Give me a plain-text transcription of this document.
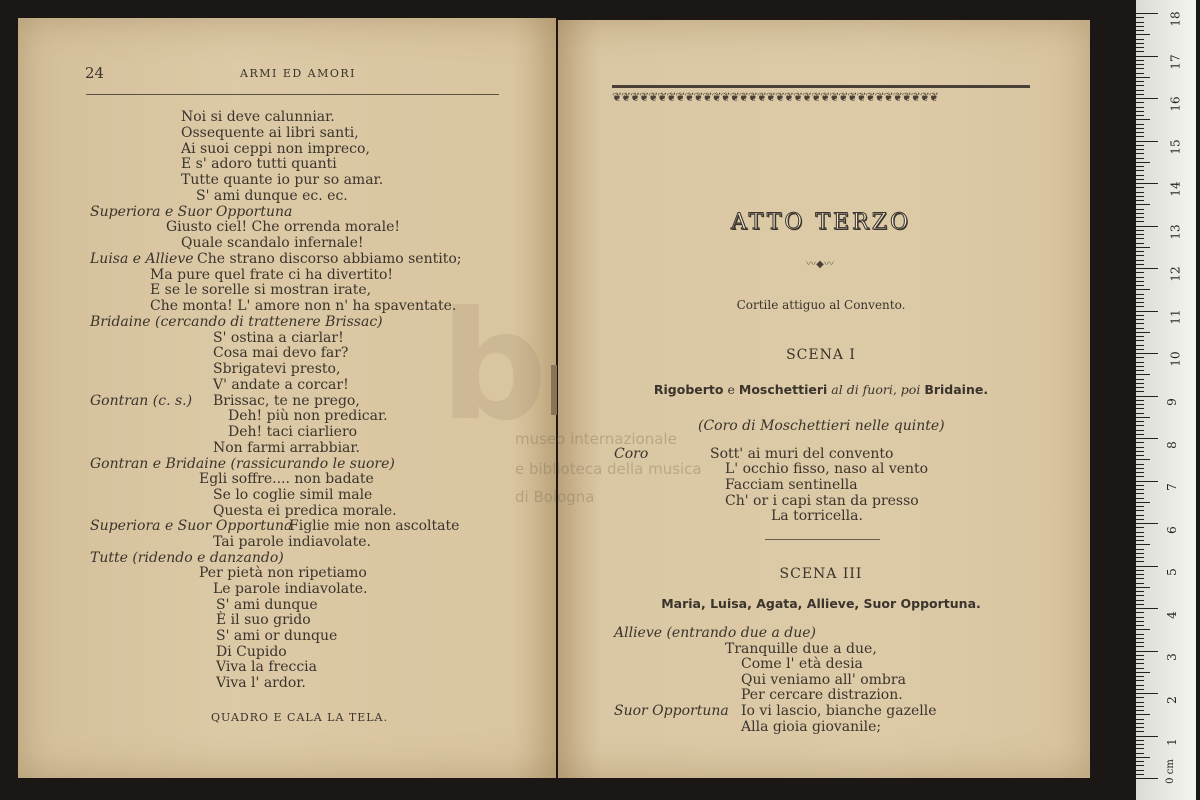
b
museo internazionale
e biblioteca della musica
di Bologna
24	ARMI ED AMORI
Noi si deve calunniar.
Ossequente ai libri santi,
Ai suoi ceppi non impreco,
E s' adoro tutti quanti
Tutte quante io pur so amar.
S' ami dunque ec. ec.
Superiora e Suor Opportuna
Giusto ciel! Che orrenda morale!
Quale scandalo infernale!
Luisa e Allieve Che strano discorso abbiamo sentito;
Ma pure quel frate ci ha divertito!
E se le sorelle si mostran irate,
Che monta! L' amore non n' ha spaventate.
Bridaine (cercando di trattenere Brissac)
S' ostina a ciarlar!
Cosa mai devo far?
Sbrigatevi presto,
V' andate a corcar!
Gontran (c. s.) Brissac, te ne prego,
Deh! più non predicar.
Deh! taci ciarliero
Non farmi arrabbiar.
Gontran e Bridaine (rassicurando le suore)
Egli soffre.... non badate
Se lo coglie simil male
Questa ei predica morale.
Superiora e Suor Opportuna
Figlie mie non ascoltate
Tai parole indiavolate.
Tutte (ridendo e danzando)
Per pietà non ripetiamo
Le parole indiavolate.
S' ami dunque
È il suo grido
S' ami or dunque
Di Cupido
Viva la freccia
Viva l' ardor.
QUADRO E CALA LA TELA.
❦❦❦❦❦❦❦❦❦❦❦❦❦❦❦❦❦❦❦❦❦❦❦❦❦❦❦❦❦❦❦❦❦❦❦❦
ATTO TERZO
〰◆〰
Cortile attiguo al Convento.
SCENA I
Rigoberto e Moschettieri al di fuori, poi Bridaine.
(Coro di Moschettieri nelle quinte)
Coro	Sott' ai muri del convento
L' occhio fisso, naso al vento
Facciam sentinella
Ch' or i capi stan da presso
La torricella.
SCENA III
Maria, Luisa, Agata, Allieve, Suor Opportuna.
Allieve (entrando due a due)
Tranquille due a due,
Come l' età desia
Qui veniamo all' ombra
Per cercare distrazion.
Suor Opportuna Io vi lascio, bianche gazelle
Alla gioia giovanile;
0 cm
1
2
3
4
5
6
7
8
9
10
11
12
13
14
15
16
17
18
